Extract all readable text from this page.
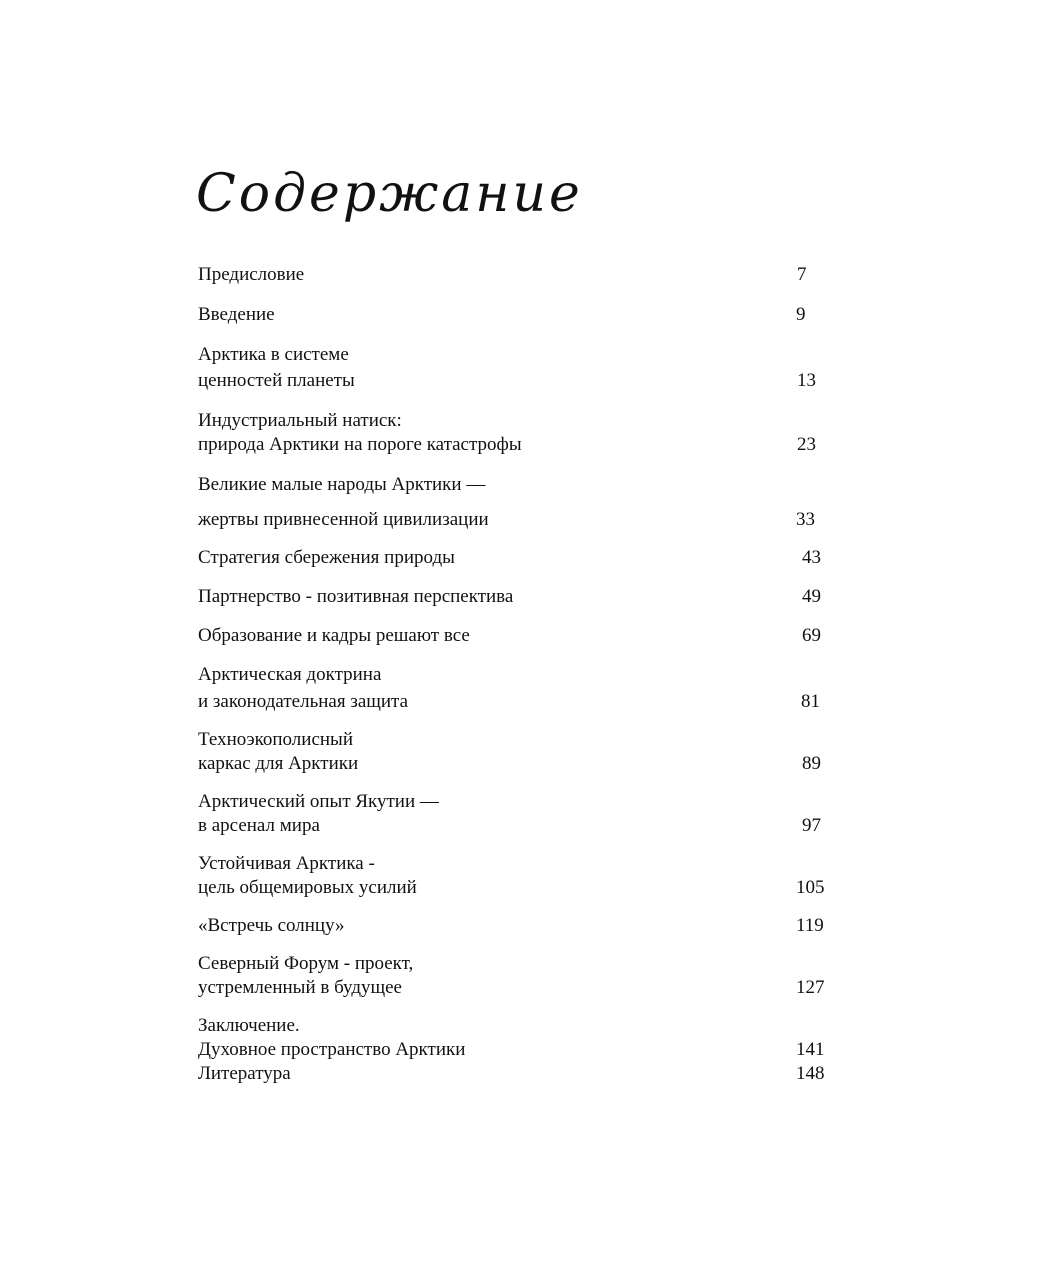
Содержание
Предисловие	7
Введение	9
Арктика в системе
ценностей планеты	13
Индустриальный натиск:
природа Арктики на пороге катастрофы	23
Великие малые народы Арктики —
жертвы привнесенной цивилизации	33
Стратегия сбережения природы	43
Партнерство - позитивная перспектива	49
Образование и кадры решают все	69
Арктическая доктрина
и законодательная защита	81
Техноэкополисный
каркас для Арктики	89
Арктический опыт Якутии —
в арсенал мира	97
Устойчивая Арктика -
цель общемировых усилий	105
«Встречь солнцу»	119
Северный Форум - проект,
устремленный в будущее	127
Заключение.
Духовное пространство Арктики	141
Литература	148
